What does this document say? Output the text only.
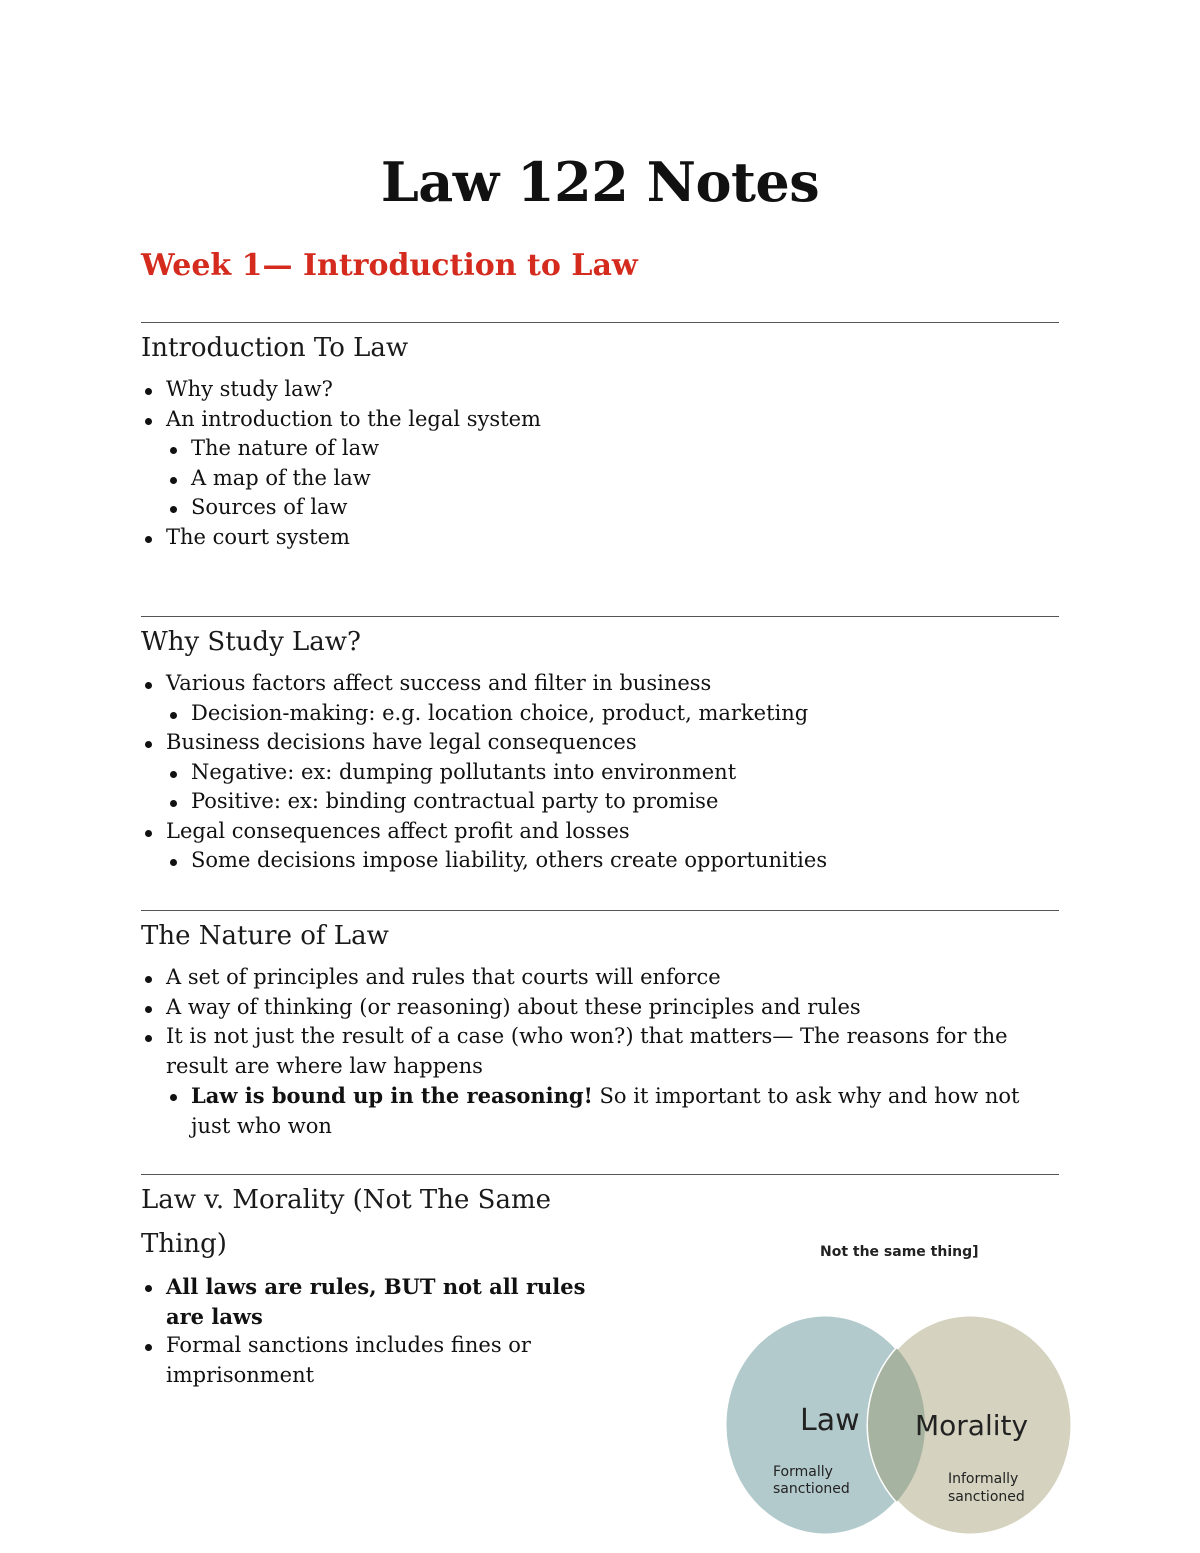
Law 122 Notes
Week 1— Introduction to Law
Introduction To Law
Why study law?
An introduction to the legal system
The nature of law
A map of the law
Sources of law
The court system
Why Study Law?
Various factors affect success and filter in business
Decision-making: e.g. location choice, product, marketing
Business decisions have legal consequences
Negative: ex: dumping pollutants into environment
Positive: ex: binding contractual party to promise
Legal consequences affect profit and losses
Some decisions impose liability, others create opportunities
The Nature of Law
A set of principles and rules that courts will enforce
A way of thinking (or reasoning) about these principles and rules
It is not just the result of a case (who won?) that matters— The reasons for the result are where law happens
Law is bound up in the reasoning! So it important to ask why and how not just who won
Law v. Morality (Not The Same
Thing)
All laws are rules, BUT not all rules are laws
Formal sanctions includes fines or imprisonment
Law
Formally
sanctioned
Morality
Informally
sanctioned
Not the same thing]
